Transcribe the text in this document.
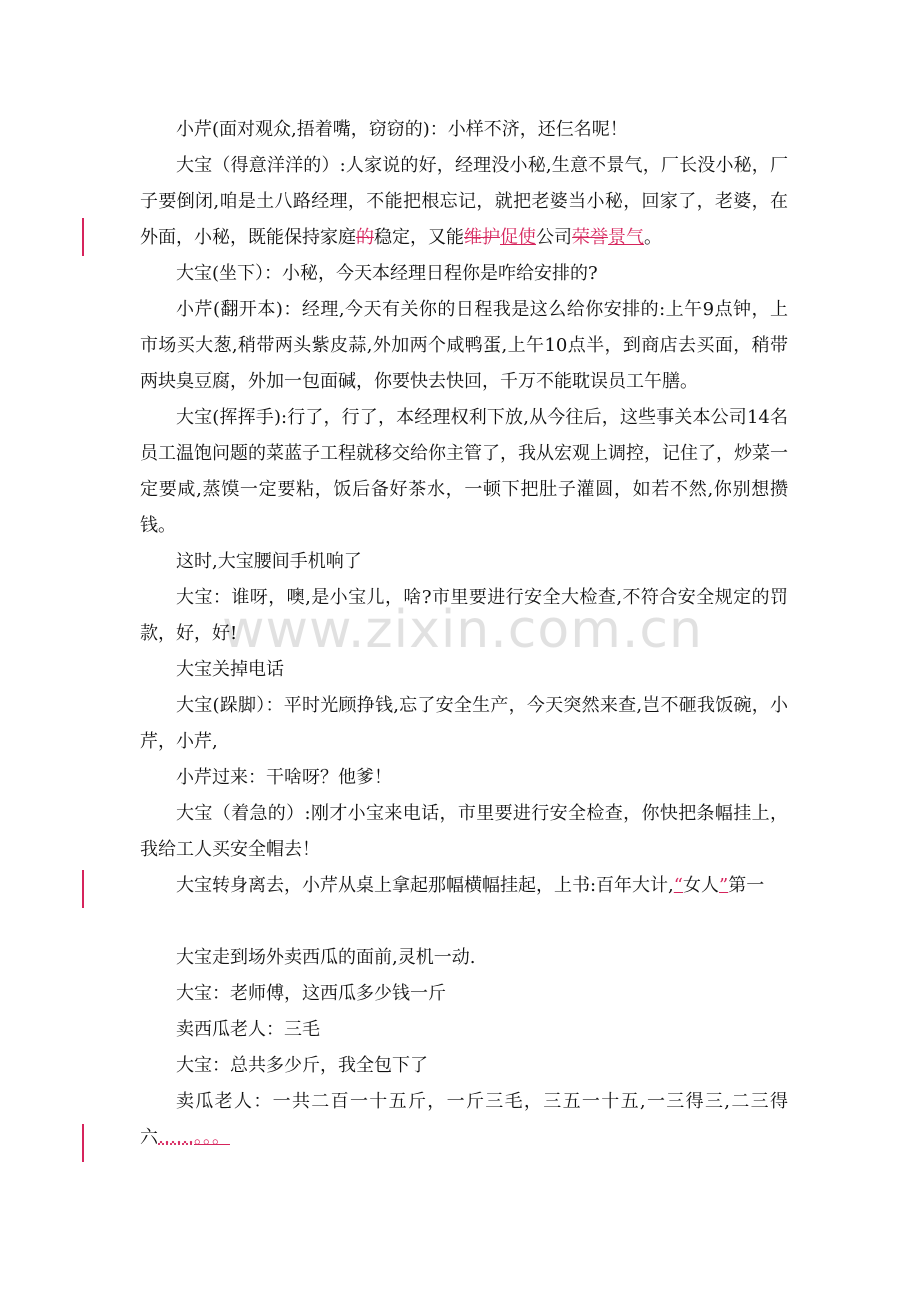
www.zixin.com.cn

小芹(面对观众,捂着嘴，窃窃的)：小样不济，还仨名呢！

大宝（得意洋洋的）:人家说的好，经理没小秘,生意不景气，厂长没小秘，厂子要倒闭,咱是土八路经理，不能把根忘记，就把老婆当小秘，回家了，老婆，在外面，小秘，既能保持家庭的稳定，又能维护促使公司荣誉景气。

大宝(坐下）：小秘，今天本经理日程你是咋给安排的?

小芹(翻开本)：经理,今天有关你的日程我是这么给你安排的:上午9点钟，上市场买大葱,稍带两头紫皮蒜,外加两个咸鸭蛋,上午10点半，到商店去买面，稍带两块臭豆腐，外加一包面碱，你要快去快回，千万不能耽误员工午膳。

大宝(挥挥手):行了，行了，本经理权利下放,从今往后，这些事关本公司14名员工温饱问题的菜蓝子工程就移交给你主管了，我从宏观上调控，记住了，炒菜一定要咸,蒸馍一定要粘，饭后备好茶水，一顿下把肚子灌圆，如若不然,你别想攒钱。

这时,大宝腰间手机响了

大宝：谁呀，噢,是小宝儿，啥?市里要进行安全大检查,不符合安全规定的罚款，好，好!

大宝关掉电话

大宝(跺脚）：平时光顾挣钱,忘了安全生产，今天突然来查,岂不砸我饭碗，小芹，小芹,

小芹过来：干啥呀？他爹！

大宝（着急的）:刚才小宝来电话，市里要进行安全检查，你快把条幅挂上，我给工人买安全帽去！

大宝转身离去，小芹从桌上拿起那幅横幅挂起，上书:百年大计,“女人”第一

大宝走到场外卖西瓜的面前,灵机一动.

大宝：老师傅，这西瓜多少钱一斤

卖西瓜老人：三毛

大宝：总共多少斤，我全包下了

卖瓜老人：一共二百一十五斤，一斤三毛，三五一十五,一三得三,二三得六……。。。
